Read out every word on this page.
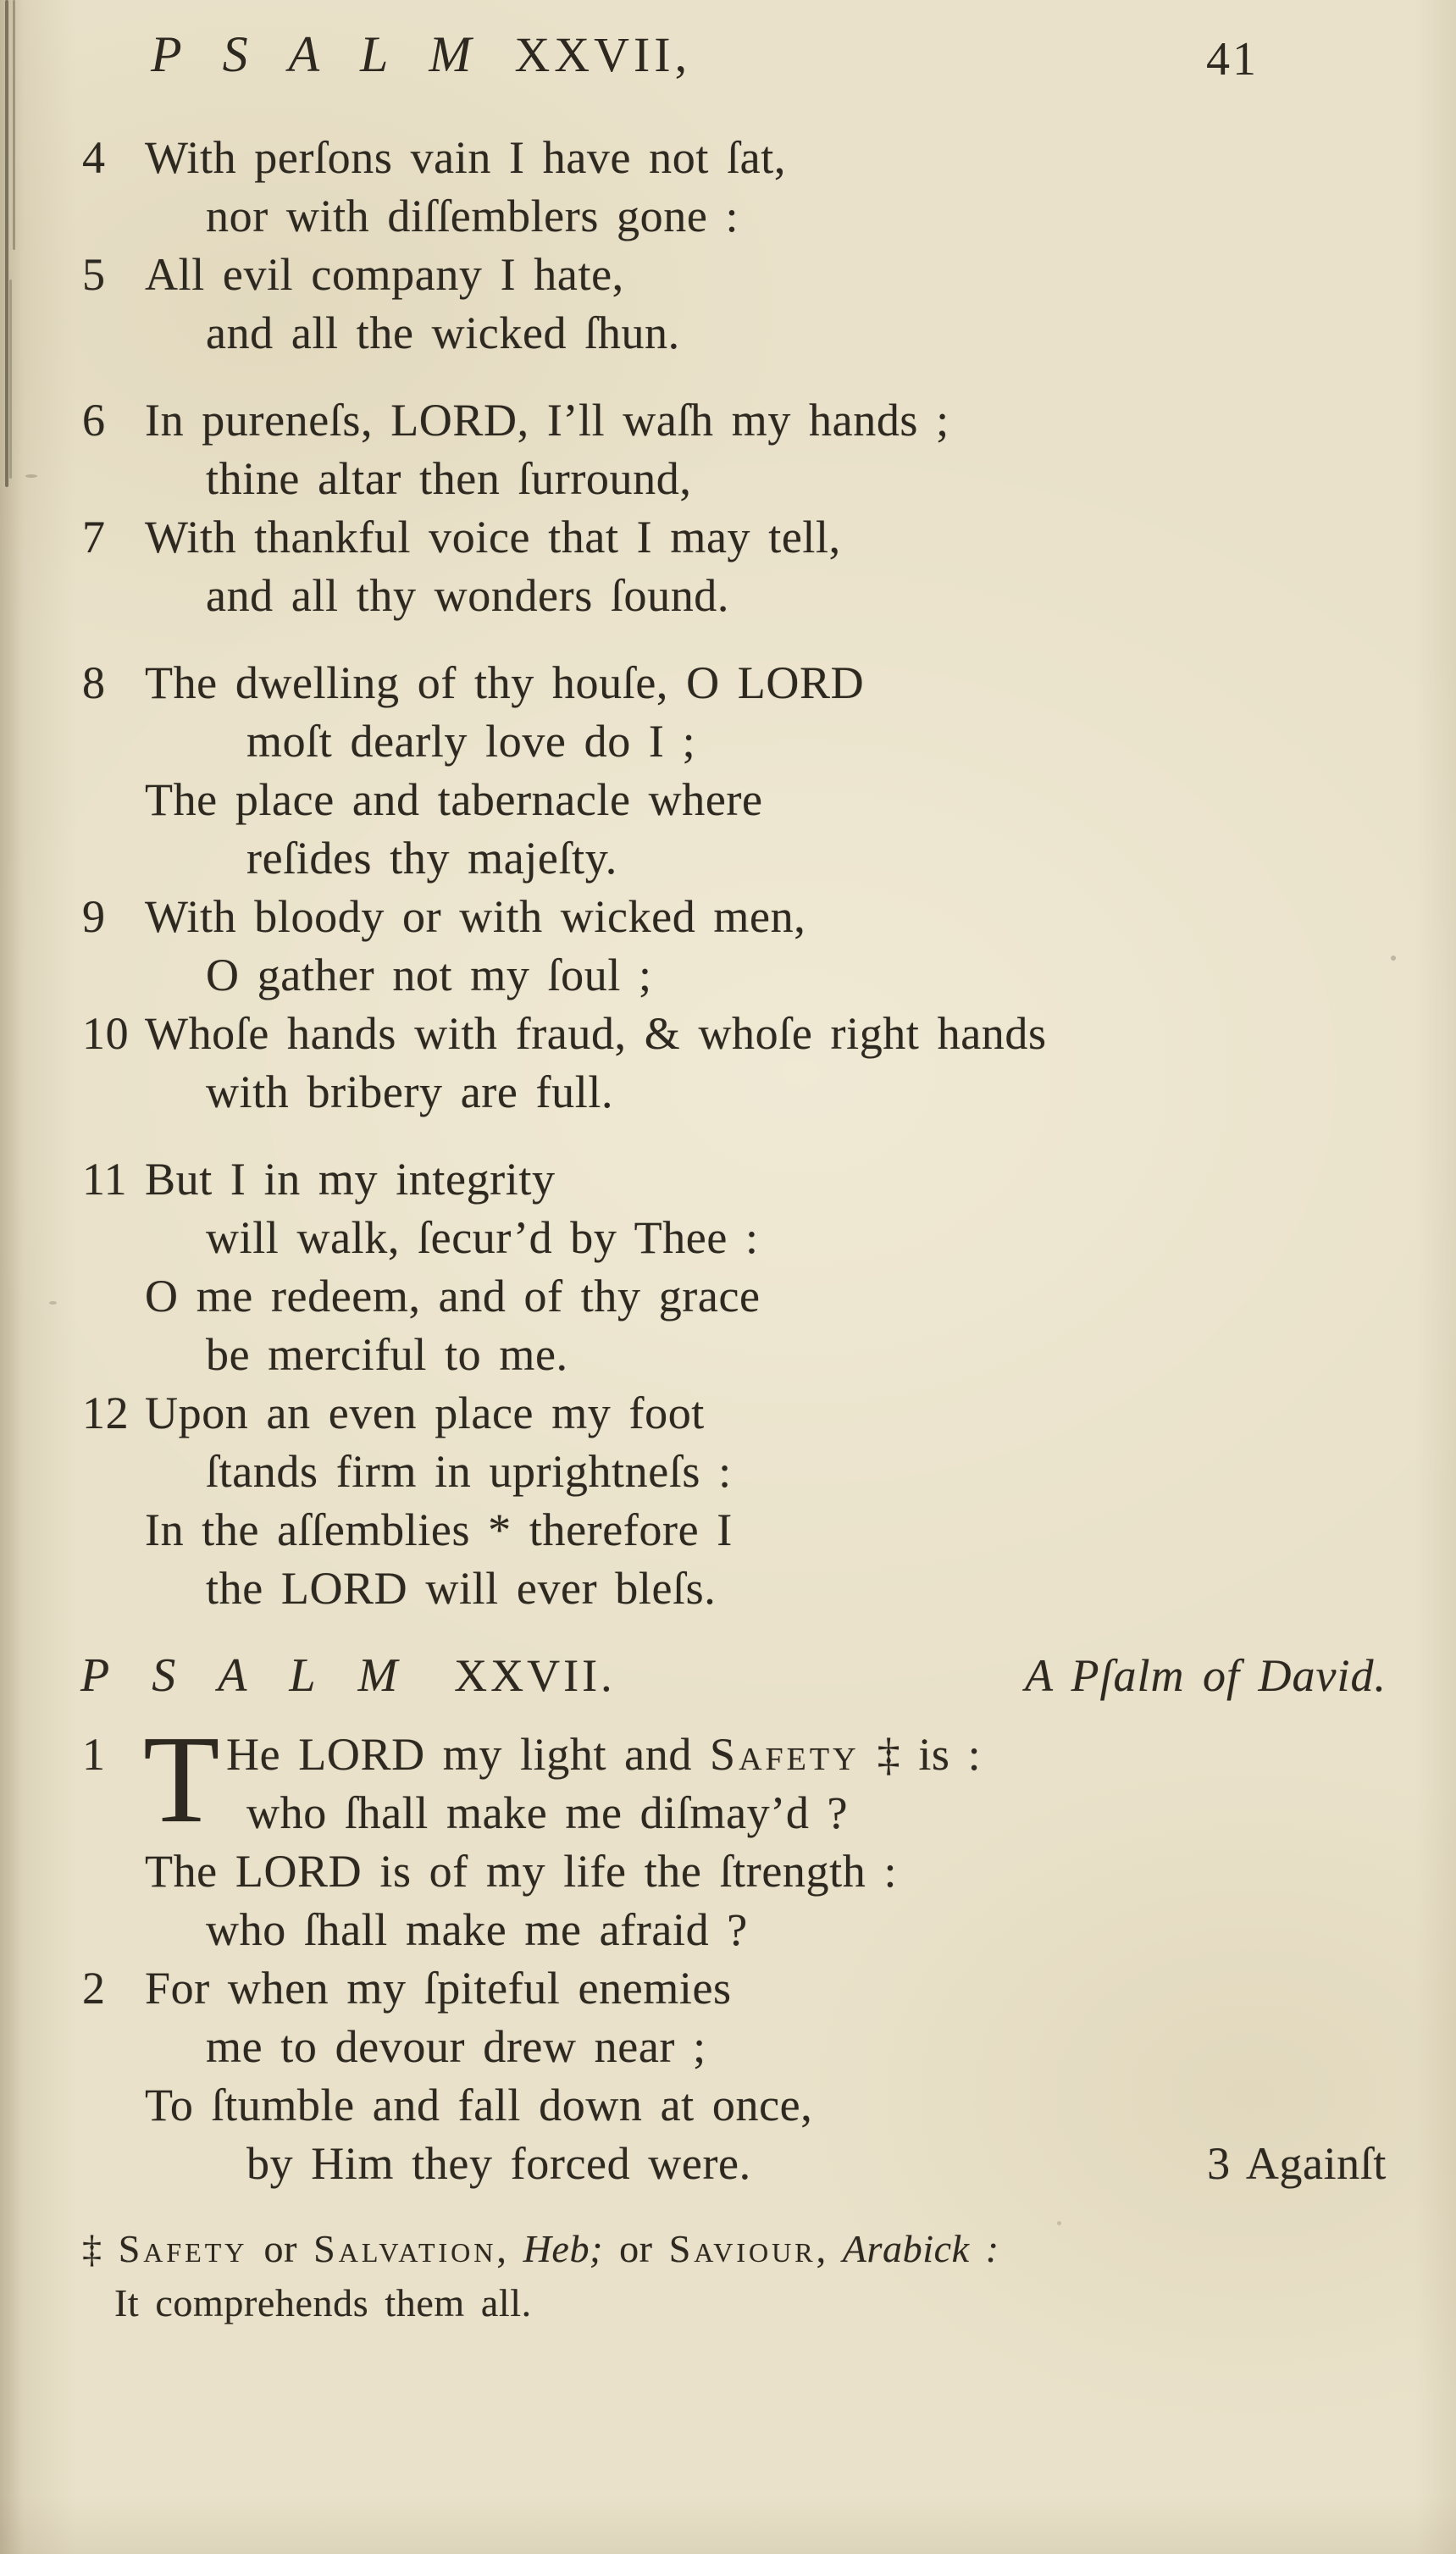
P S A L M XXVII,	41
4 With perſons vain I have not ſat,
nor with diſſemblers gone :
5 All evil company I hate,
and all the wicked ſhun.
6 In pureneſs, LORD, I’ll waſh my hands ;
thine altar then ſurround,
7 With thankful voice that I may tell,
and all thy wonders ſound.
8 The dwelling of thy houſe, O LORD
moſt dearly love do I ;
The place and tabernacle where
reſides thy majeſty.
9 With bloody or with wicked men,
O gather not my ſoul ;
10 Whoſe hands with fraud, & whoſe right hands
with bribery are full.
11 But I in my integrity
will walk, ſecur’d by Thee :
O me redeem, and of thy grace
be merciful to me.
12 Upon an even place my foot
ſtands firm in uprightneſs :
In the aſſemblies * therefore I
the LORD will ever bleſs.
P S A L M XXVII.	A Pſalm of David.
T
1	He LORD my light and Safety ‡ is :
who ſhall make me diſmay’d ?
The LORD is of my life the ſtrength :
who ſhall make me afraid ?
2 For when my ſpiteful enemies
me to devour drew near ;
To ſtumble and fall down at once,
by Him they forced were.	3 Againſt
‡ Safety or Salvation, Heb; or Saviour, Arabick :
It comprehends them all.
